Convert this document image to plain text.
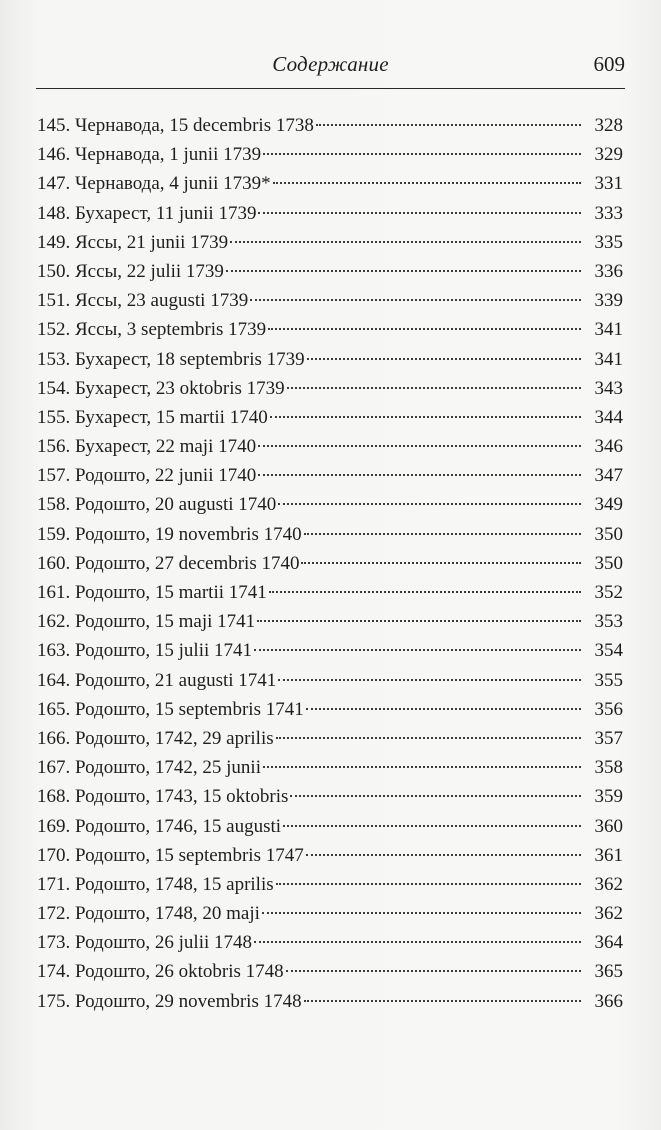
Содержание	609
145. Чернавода, 15 decembris 1738	328
146. Чернавода, 1 junii 1739	329
147. Чернавода, 4 junii 1739*	331
148. Бухарест, 11 junii 1739	333
149. Яссы, 21 junii 1739	335
150. Яссы, 22 julii 1739	336
151. Яссы, 23 augusti 1739	339
152. Яссы, 3 septembris 1739	341
153. Бухарест, 18 septembris 1739	341
154. Бухарест, 23 oktobris 1739	343
155. Бухарест, 15 martii 1740	344
156. Бухарест, 22 maji 1740	346
157. Родошто, 22 junii 1740	347
158. Родошто, 20 augusti 1740	349
159. Родошто, 19 novembris 1740	350
160. Родошто, 27 decembris 1740	350
161. Родошто, 15 martii 1741	352
162. Родошто, 15 maji 1741	353
163. Родошто, 15 julii 1741	354
164. Родошто, 21 augusti 1741	355
165. Родошто, 15 septembris 1741	356
166. Родошто, 1742, 29 aprilis	357
167. Родошто, 1742, 25 junii	358
168. Родошто, 1743, 15 oktobris	359
169. Родошто, 1746, 15 augusti	360
170. Родошто, 15 septembris 1747	361
171. Родошто, 1748, 15 aprilis	362
172. Родошто, 1748, 20 maji	362
173. Родошто, 26 julii 1748	364
174. Родошто, 26 oktobris 1748	365
175. Родошто, 29 novembris 1748	366
